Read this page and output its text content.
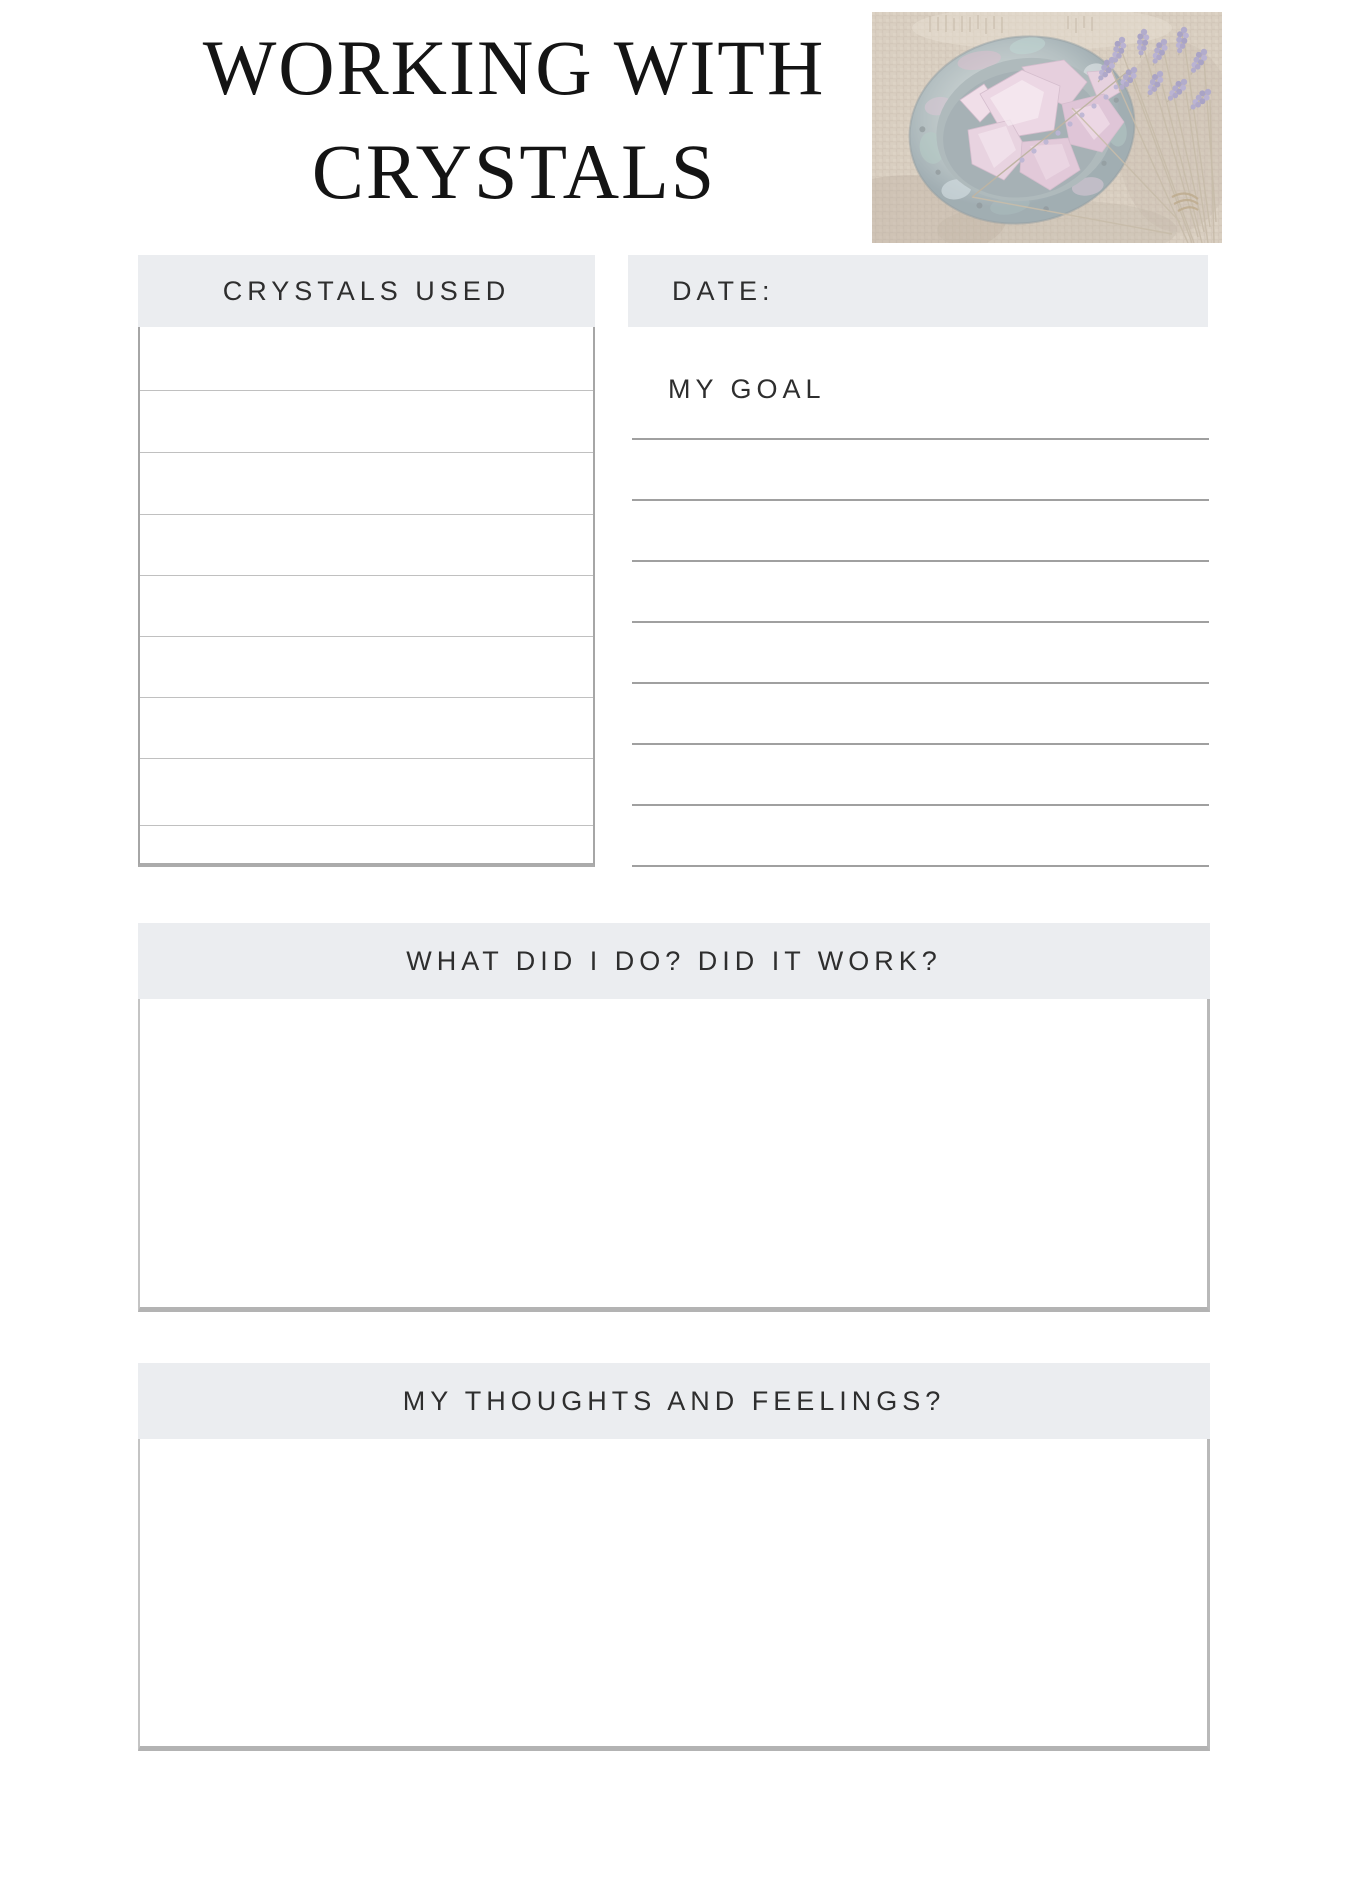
WORKING WITH
CRYSTALS
CRYSTALS USED	DATE:
MY GOAL
WHAT DID I DO? DID IT WORK?
MY THOUGHTS AND FEELINGS?
